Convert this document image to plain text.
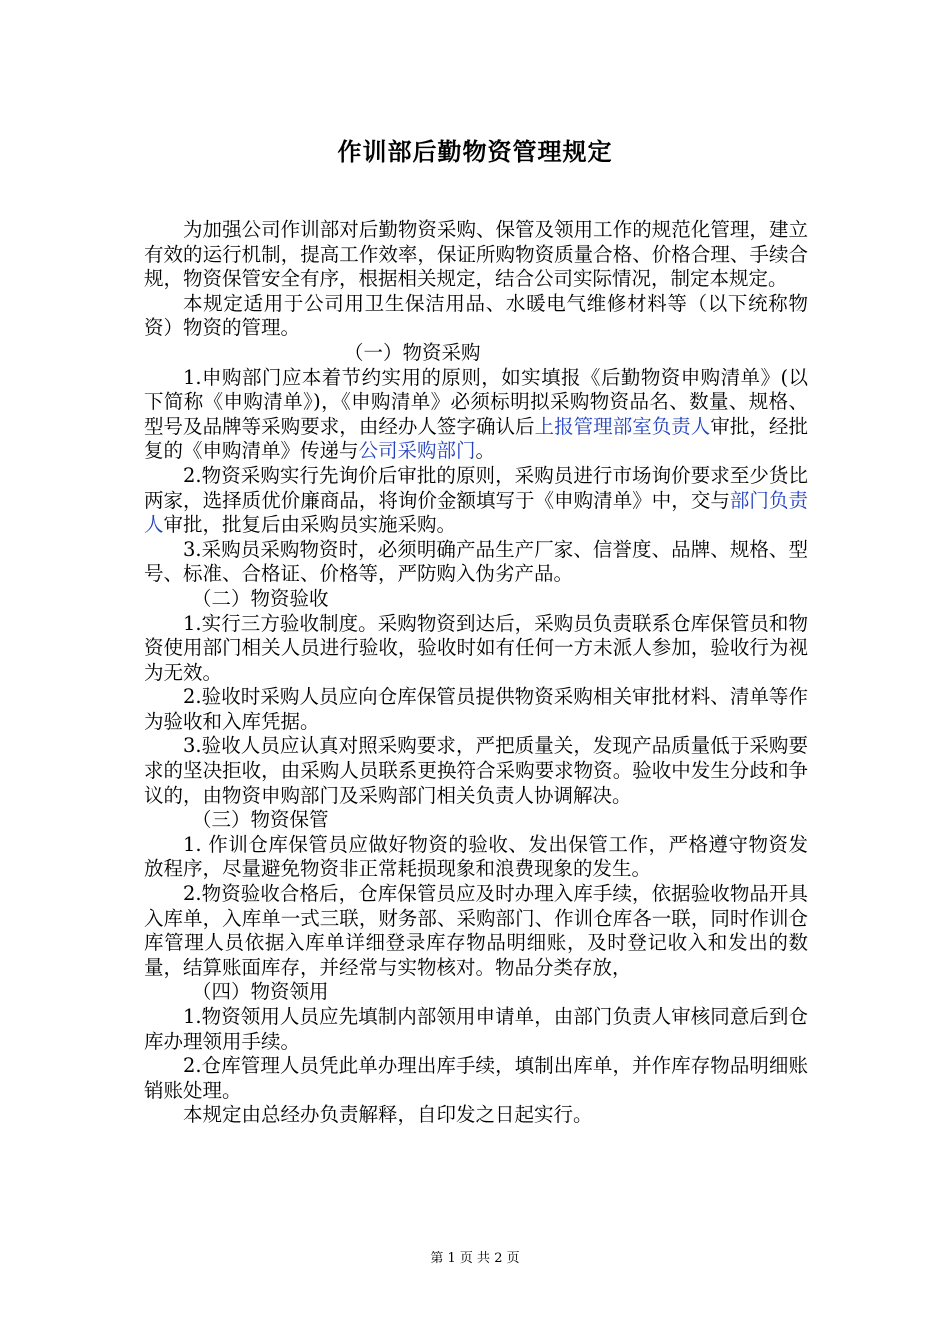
作训部后勤物资管理规定

为加强公司作训部对后勤物资采购、保管及领用工作的规范化管理，建立有效的运行机制，提高工作效率，保证所购物资质量合格、价格合理、手续合规，物资保管安全有序，根据相关规定，结合公司实际情况，制定本规定。

本规定适用于公司用卫生保洁用品、水暖电气维修材料等（以下统称物资）物资的管理。

（一）物资采购

1.申购部门应本着节约实用的原则，如实填报《后勤物资申购清单》(以下简称《申购清单》)，《申购清单》必须标明拟采购物资品名、数量、规格、型号及品牌等采购要求，由经办人签字确认后上报管理部室负责人审批，经批复的《申购清单》传递与公司采购部门。

2.物资采购实行先询价后审批的原则，采购员进行市场询价要求至少货比两家，选择质优价廉商品，将询价金额填写于《申购清单》中，交与部门负责人审批，批复后由采购员实施采购。

3.采购员采购物资时，必须明确产品生产厂家、信誉度、品牌、规格、型号、标准、合格证、价格等，严防购入伪劣产品。

（二）物资验收

1.实行三方验收制度。采购物资到达后，采购员负责联系仓库保管员和物资使用部门相关人员进行验收，验收时如有任何一方未派人参加，验收行为视为无效。

2.验收时采购人员应向仓库保管员提供物资采购相关审批材料、清单等作为验收和入库凭据。

3.验收人员应认真对照采购要求，严把质量关，发现产品质量低于采购要求的坚决拒收，由采购人员联系更换符合采购要求物资。验收中发生分歧和争议的，由物资申购部门及采购部门相关负责人协调解决。

（三）物资保管

1. 作训仓库保管员应做好物资的验收、发出保管工作，严格遵守物资发放程序，尽量避免物资非正常耗损现象和浪费现象的发生。

2.物资验收合格后，仓库保管员应及时办理入库手续，依据验收物品开具入库单，入库单一式三联，财务部、采购部门、作训仓库各一联，同时作训仓库管理人员依据入库单详细登录库存物品明细账，及时登记收入和发出的数量，结算账面库存，并经常与实物核对。物品分类存放，

（四）物资领用

1.物资领用人员应先填制内部领用申请单，由部门负责人审核同意后到仓库办理领用手续。

2.仓库管理人员凭此单办理出库手续，填制出库单，并作库存物品明细账销账处理。

本规定由总经办负责解释，自印发之日起实行。

第 1 页 共 2 页
